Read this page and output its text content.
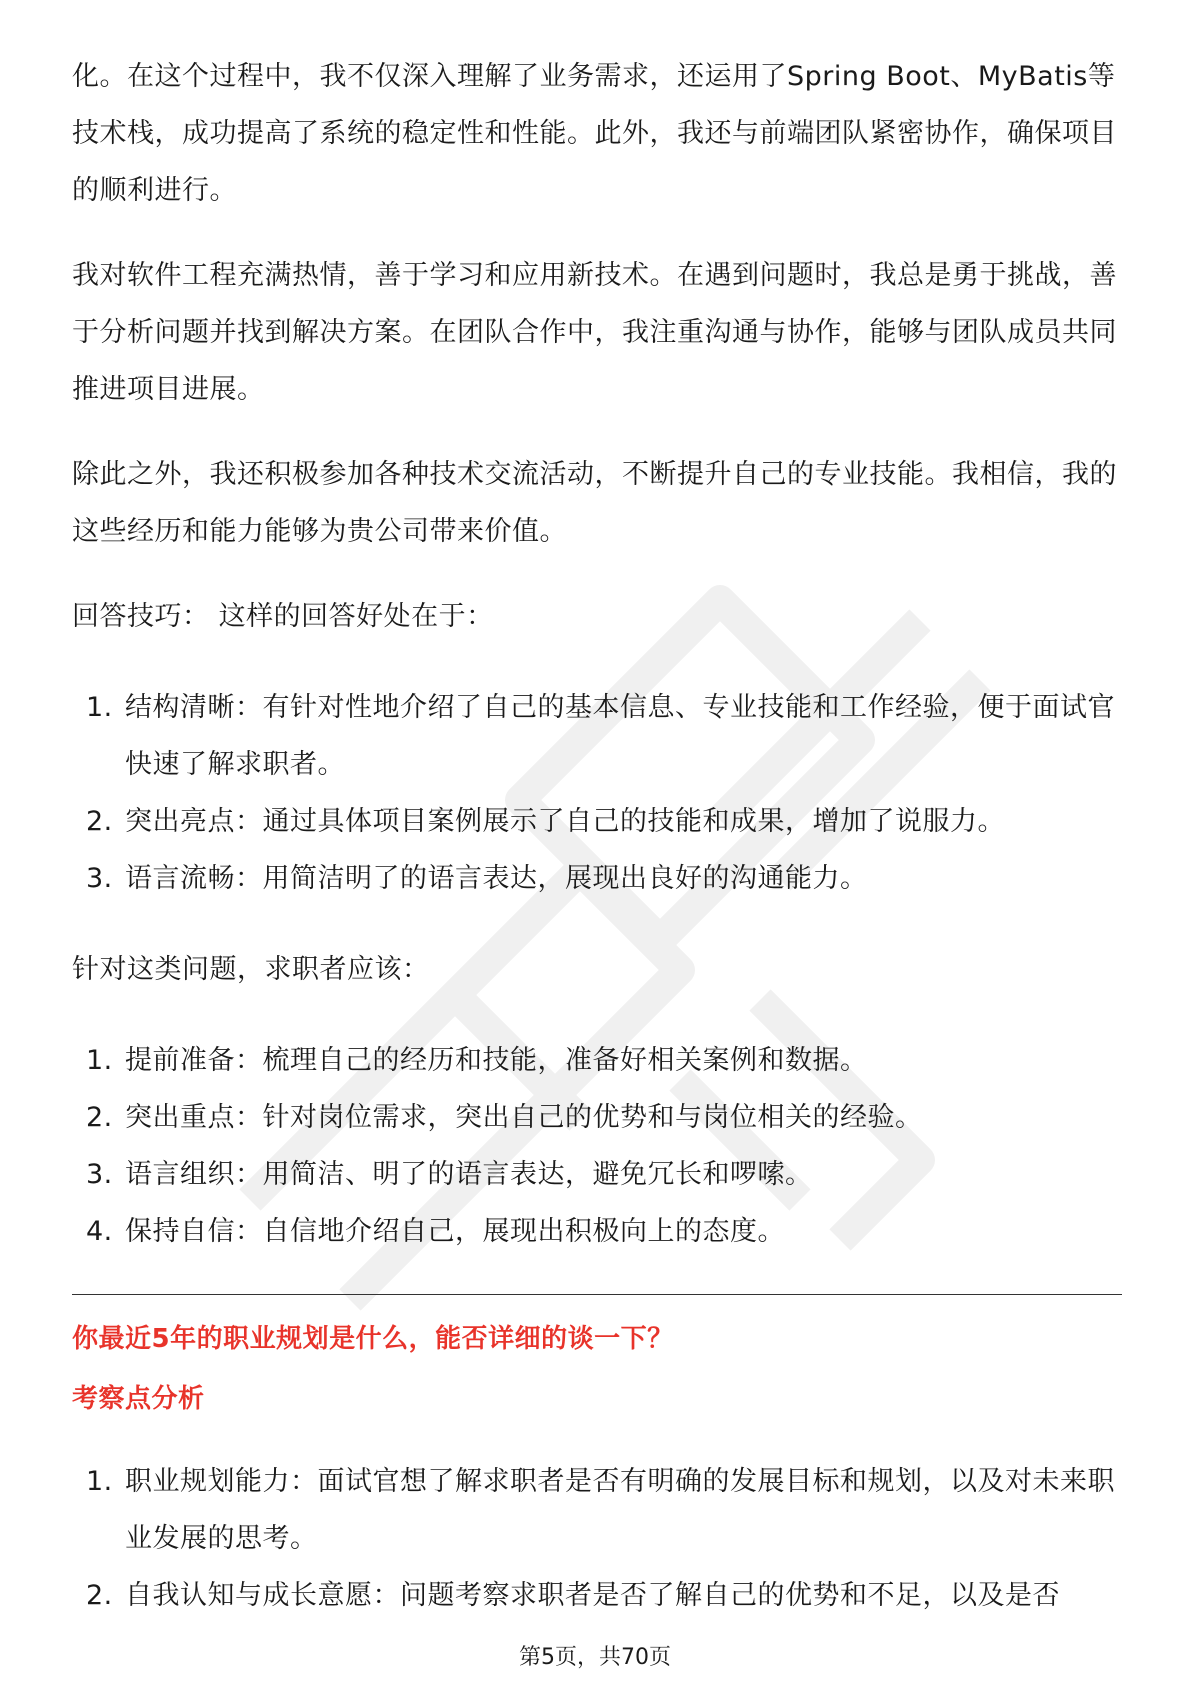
化。在这个过程中，我不仅深入理解了业务需求，还运用了Spring Boot、MyBatis等技术栈，成功提高了系统的稳定性和性能。此外，我还与前端团队紧密协作，确保项目的顺利进行。

我对软件工程充满热情，善于学习和应用新技术。在遇到问题时，我总是勇于挑战，善于分析问题并找到解决方案。在团队合作中，我注重沟通与协作，能够与团队成员共同推进项目进展。

除此之外，我还积极参加各种技术交流活动，不断提升自己的专业技能。我相信，我的这些经历和能力能够为贵公司带来价值。

回答技巧： 这样的回答好处在于：

1. 结构清晰：有针对性地介绍了自己的基本信息、专业技能和工作经验，便于面试官快速了解求职者。
2. 突出亮点：通过具体项目案例展示了自己的技能和成果，增加了说服力。
3. 语言流畅：用简洁明了的语言表达，展现出良好的沟通能力。

针对这类问题，求职者应该：

1. 提前准备：梳理自己的经历和技能，准备好相关案例和数据。
2. 突出重点：针对岗位需求，突出自己的优势和与岗位相关的经验。
3. 语言组织：用简洁、明了的语言表达，避免冗长和啰嗦。
4. 保持自信：自信地介绍自己，展现出积极向上的态度。
你最近5年的职业规划是什么，能否详细的谈一下？
考察点分析
1. 职业规划能力：面试官想了解求职者是否有明确的发展目标和规划，以及对未来职业发展的思考。
2. 自我认知与成长意愿：问题考察求职者是否了解自己的优势和不足，以及是否
第5页，共70页
